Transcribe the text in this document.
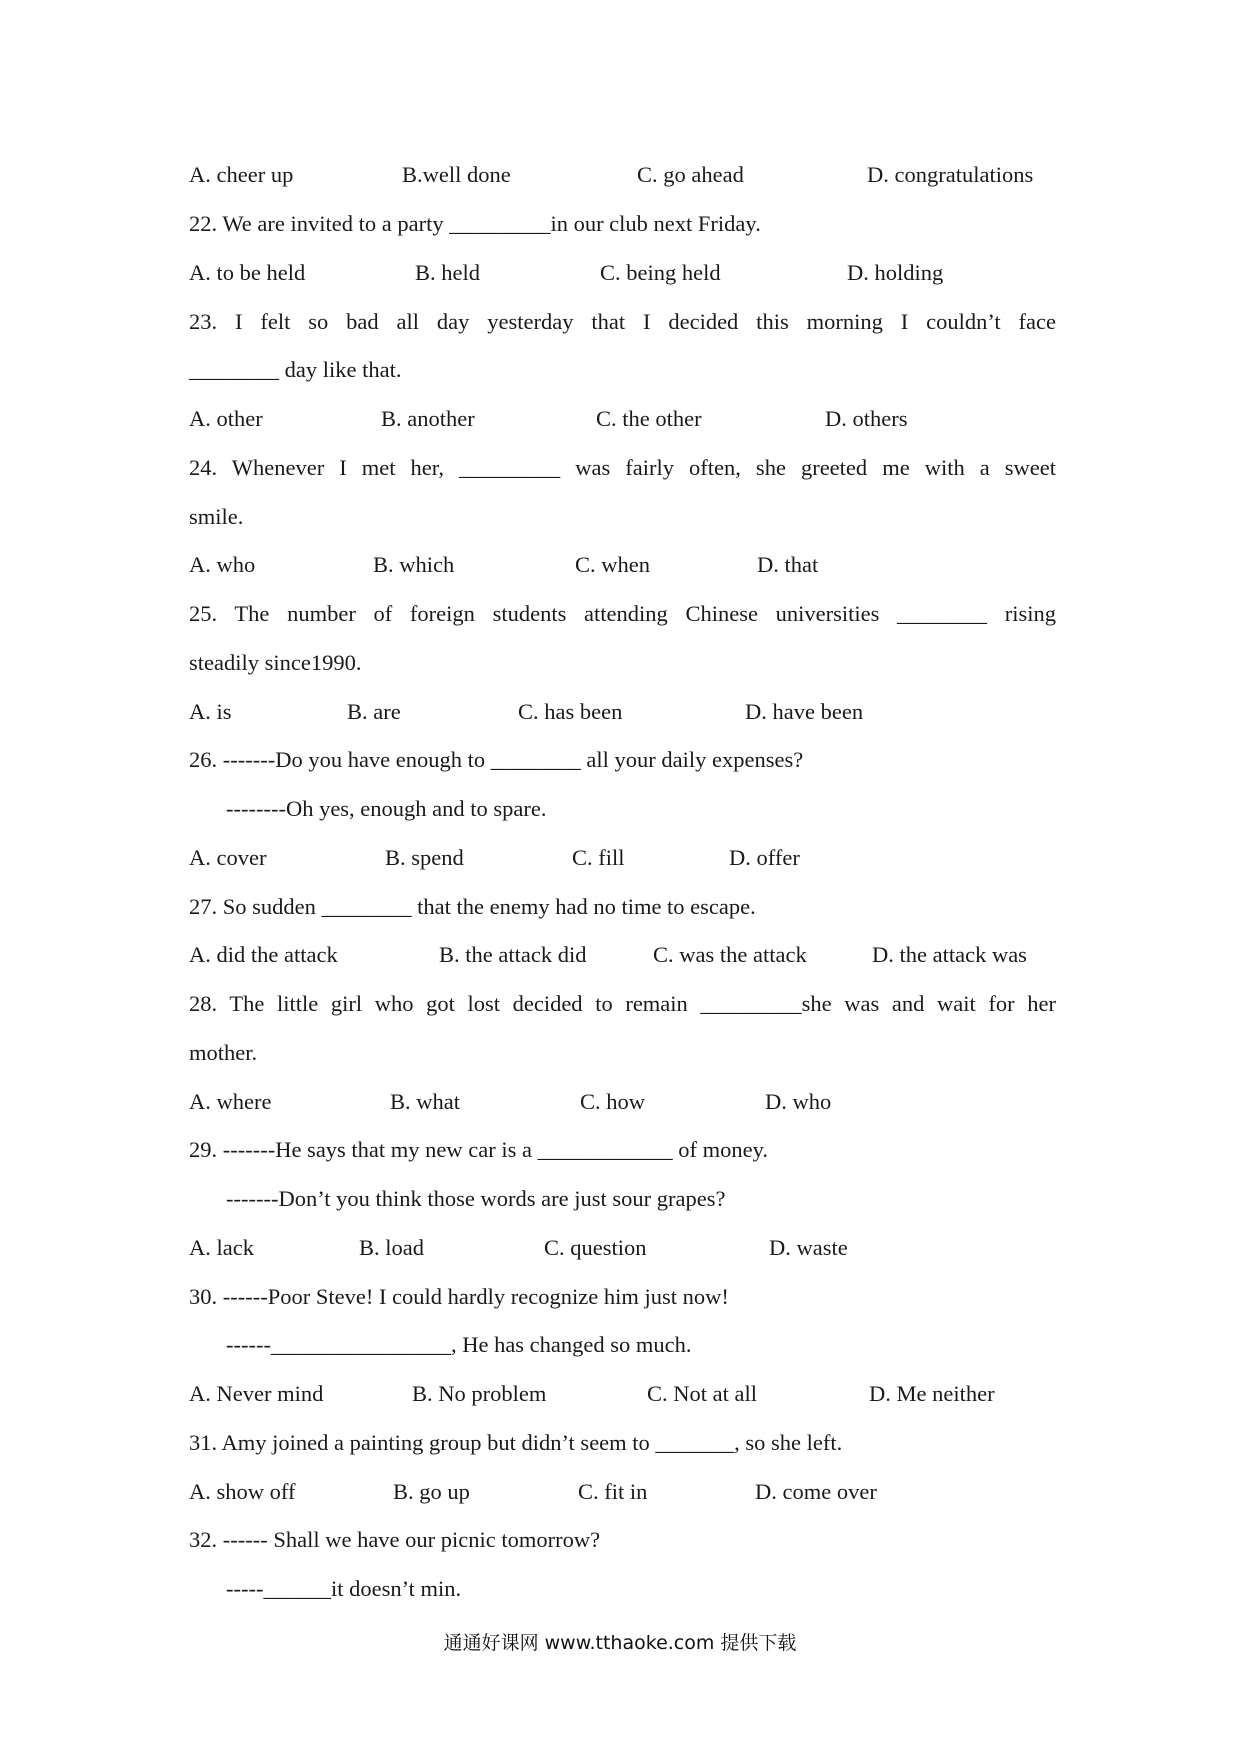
A. cheer up	B.well done	C. go ahead	D. congratulations
22. We are invited to a party _________in our club next Friday.
A. to be held	B. held	C. being held	D. holding
23. I felt so bad all day yesterday that I decided this morning I couldn’t face
________ day like that.
A. other	B. another	C. the other	D. others
24. Whenever I met her, _________ was fairly often, she greeted me with a sweet
smile.
A. who	B. which	C. when	D. that
25. The number of foreign students attending Chinese universities ________ rising
steadily since1990.
A. is	B. are	C. has been	D. have been
26. -------Do you have enough to ________ all your daily expenses?
--------Oh yes, enough and to spare.
A. cover	B. spend	C. fill	D. offer
27. So sudden ________ that the enemy had no time to escape.
A. did the attack	B. the attack did	C. was the attack	D. the attack was
28. The little girl who got lost decided to remain _________she was and wait for her
mother.
A. where	B. what	C. how	D. who
29. -------He says that my new car is a ____________ of money.
-------Don’t you think those words are just sour grapes?
A. lack	B. load	C. question	D. waste
30. ------Poor Steve! I could hardly recognize him just now!
------________________, He has changed so much.
A. Never mind	B. No problem	C. Not at all	D. Me neither
31. Amy joined a painting group but didn’t seem to _______, so she left.
A. show off	B. go up	C. fit in	D. come over
32. ------ Shall we have our picnic tomorrow?
-----______it doesn’t min.
通通好课网 www.tthaoke.com 提供下载
